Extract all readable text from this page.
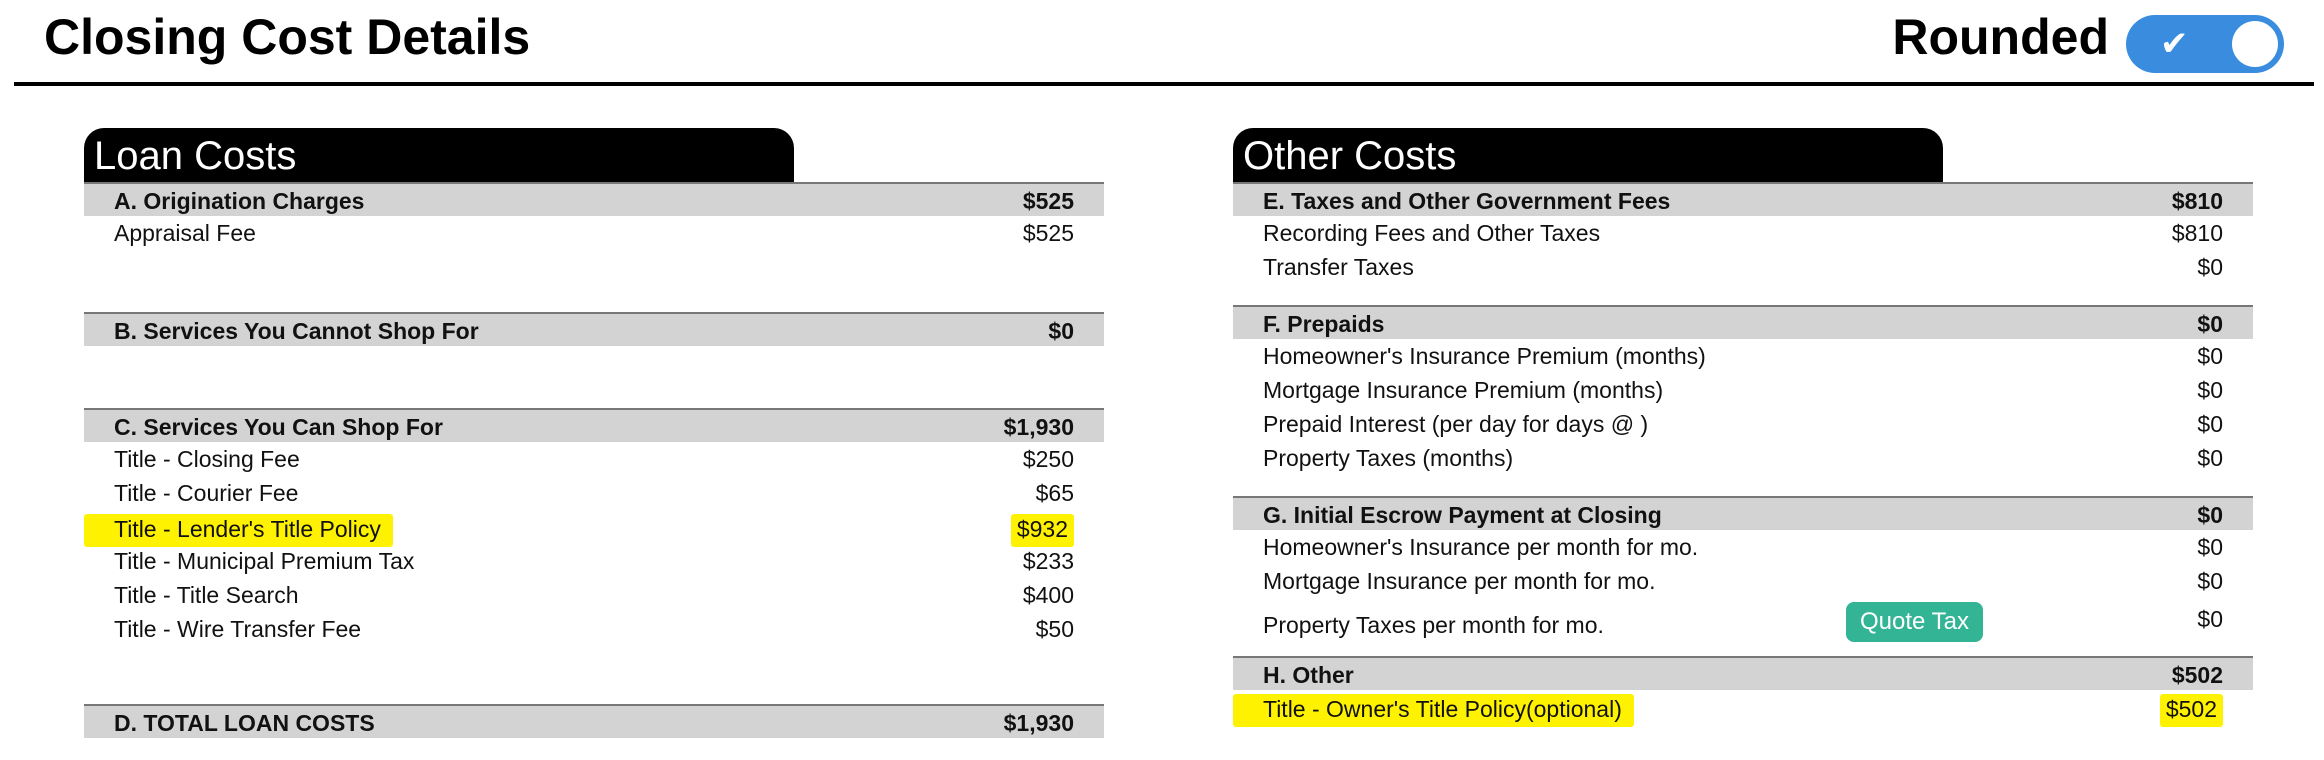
Closing Cost Details	Rounded ✔
Loan Costs
A. Origination Charges	$525
Appraisal Fee	$525
B. Services You Cannot Shop For	$0
C. Services You Can Shop For	$1,930
Title - Closing Fee	$250
Title - Courier Fee	$65
Title - Lender's Title Policy	$932
Title - Municipal Premium Tax	$233
Title - Title Search	$400
Title - Wire Transfer Fee	$50
D. TOTAL LOAN COSTS	$1,930
Other Costs
E. Taxes and Other Government Fees	$810
Recording Fees and Other Taxes	$810
Transfer Taxes	$0
F. Prepaids	$0
Homeowner's Insurance Premium (months)	$0
Mortgage Insurance Premium (months)	$0
Prepaid Interest (per day for days @ )	$0
Property Taxes (months)	$0
G. Initial Escrow Payment at Closing	$0
Homeowner's Insurance per month for mo.	$0
Mortgage Insurance per month for mo.	$0
Property Taxes per month for mo.	Quote Tax	$0
H. Other	$502
Title - Owner's Title Policy(optional)	$502
